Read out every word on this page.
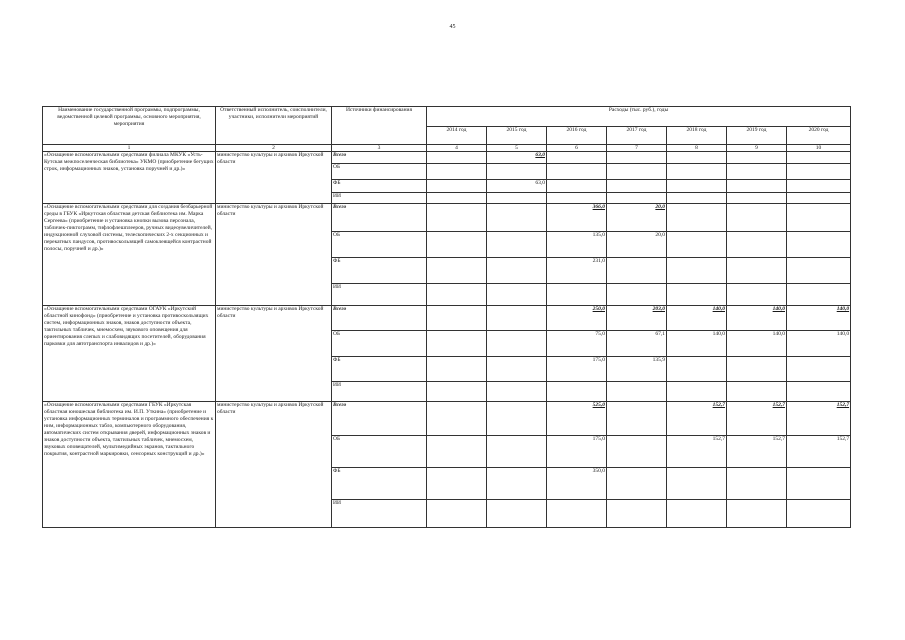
45
Наименование государственной программы, подпрограммы, ведомственной целевой программы, основного мероприятия, мероприятия	Ответственный исполнитель, соисполнители, участники, исполнители мероприятий	Источники финансирования	Расходы (тыс. руб.), годы						
			2014 год	2015 год	2016 год	2017 год	2018 год	2019 год	2020 год
1	2	3	4	5	6	7	8	9	10
«Оснащение вспомогательными средствами филиала МКУК «Усть-Кутская межпоселенческая библиотека» УКМО (приобретение бегущих строк, информационных знаков, установка поручней и др.)»	министерство культуры и архивов Иркутской области	Всего		63,0					
		ОБ							
		ФБ		63,0					
		ИИ							
«Оснащение вспомогательными средствами для создания безбарьерной среды в ГБУК «Иркутская областная детская библиотека им. Марка Сергеева» (приобретение и установка кнопки вызова персонала, табличек-пиктограмм, тифлофлешплееров, ручных видеоувеличителей, индукционной слуховой системы, телескопических 2-х секционных и перекатных пандусов, противоскользящей самоклеящейся контрастной полосы, поручней и др.)»	министерство культуры и архивов Иркутской области	Всего			366,0	20,0			
		ОБ			135,0	20,0			
		ФБ			231,0				
		ИИ							
«Оснащение вспомогательными средствами ОГАУК «Иркутский областной кинофонд» (приобретение и установка противоскользящих систем, информационных знаков, знаков доступности объекта, тактильных табличек, мнемосхем, звукового оповещения для ориентирования слепых и слабовидящих посетителей, оборудования парковки для автотранспорта инвалидов и др.)»	министерство культуры и архивов Иркутской области	Всего			250,0	203,0	140,0	140,0	140,0
		ОБ			75,0	67,1	140,0	140,0	140,0
		ФБ			175,0	135,9			
		ИИ							
«Оснащение вспомогательными средствами ГБУК «Иркутская областная юношеская библиотека им. И.П. Уткина» (приобретение и установка информационных терминалов и программного обеспечения к ним, информационных табло, компьютерного оборудования, автоматических систем открывания дверей, информационных знаков и знаков доступности объекта, тактильных табличек, мнемосхем, звуковых оповещателей, мультимедийных экранов, тактильного покрытия, контрастной маркировки, сенсорных конструкций и др.)»	министерство культуры и архивов Иркутской области	Всего			525,0		152,7	152,7	152,7
		ОБ			175,0		152,7	152,7	152,7
		ФБ			350,0				
		ИИ							
